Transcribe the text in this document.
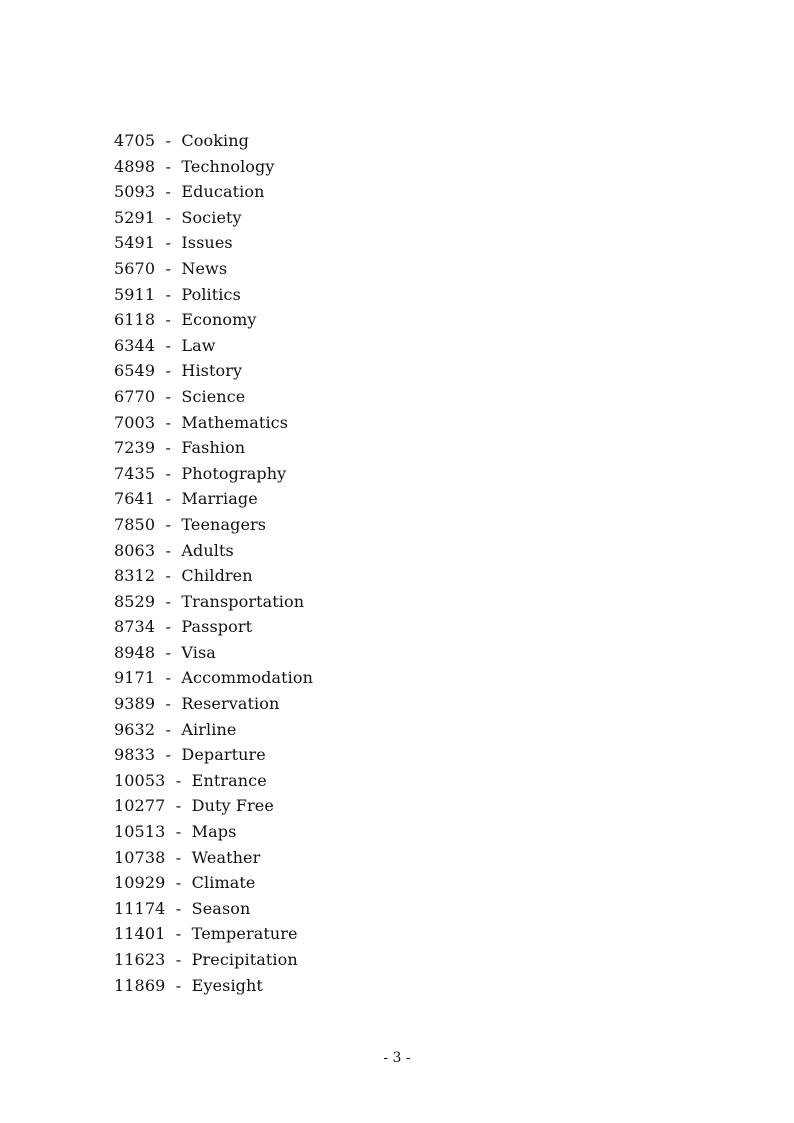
4705 - Cooking
4898 - Technology
5093 - Education
5291 - Society
5491 - Issues
5670 - News
5911 - Politics
6118 - Economy
6344 - Law
6549 - History
6770 - Science
7003 - Mathematics
7239 - Fashion
7435 - Photography
7641 - Marriage
7850 - Teenagers
8063 - Adults
8312 - Children
8529 - Transportation
8734 - Passport
8948 - Visa
9171 - Accommodation
9389 - Reservation
9632 - Airline
9833 - Departure
10053 - Entrance
10277 - Duty Free
10513 - Maps
10738 - Weather
10929 - Climate
11174 - Season
11401 - Temperature
11623 - Precipitation
11869 - Eyesight
- 3 -
